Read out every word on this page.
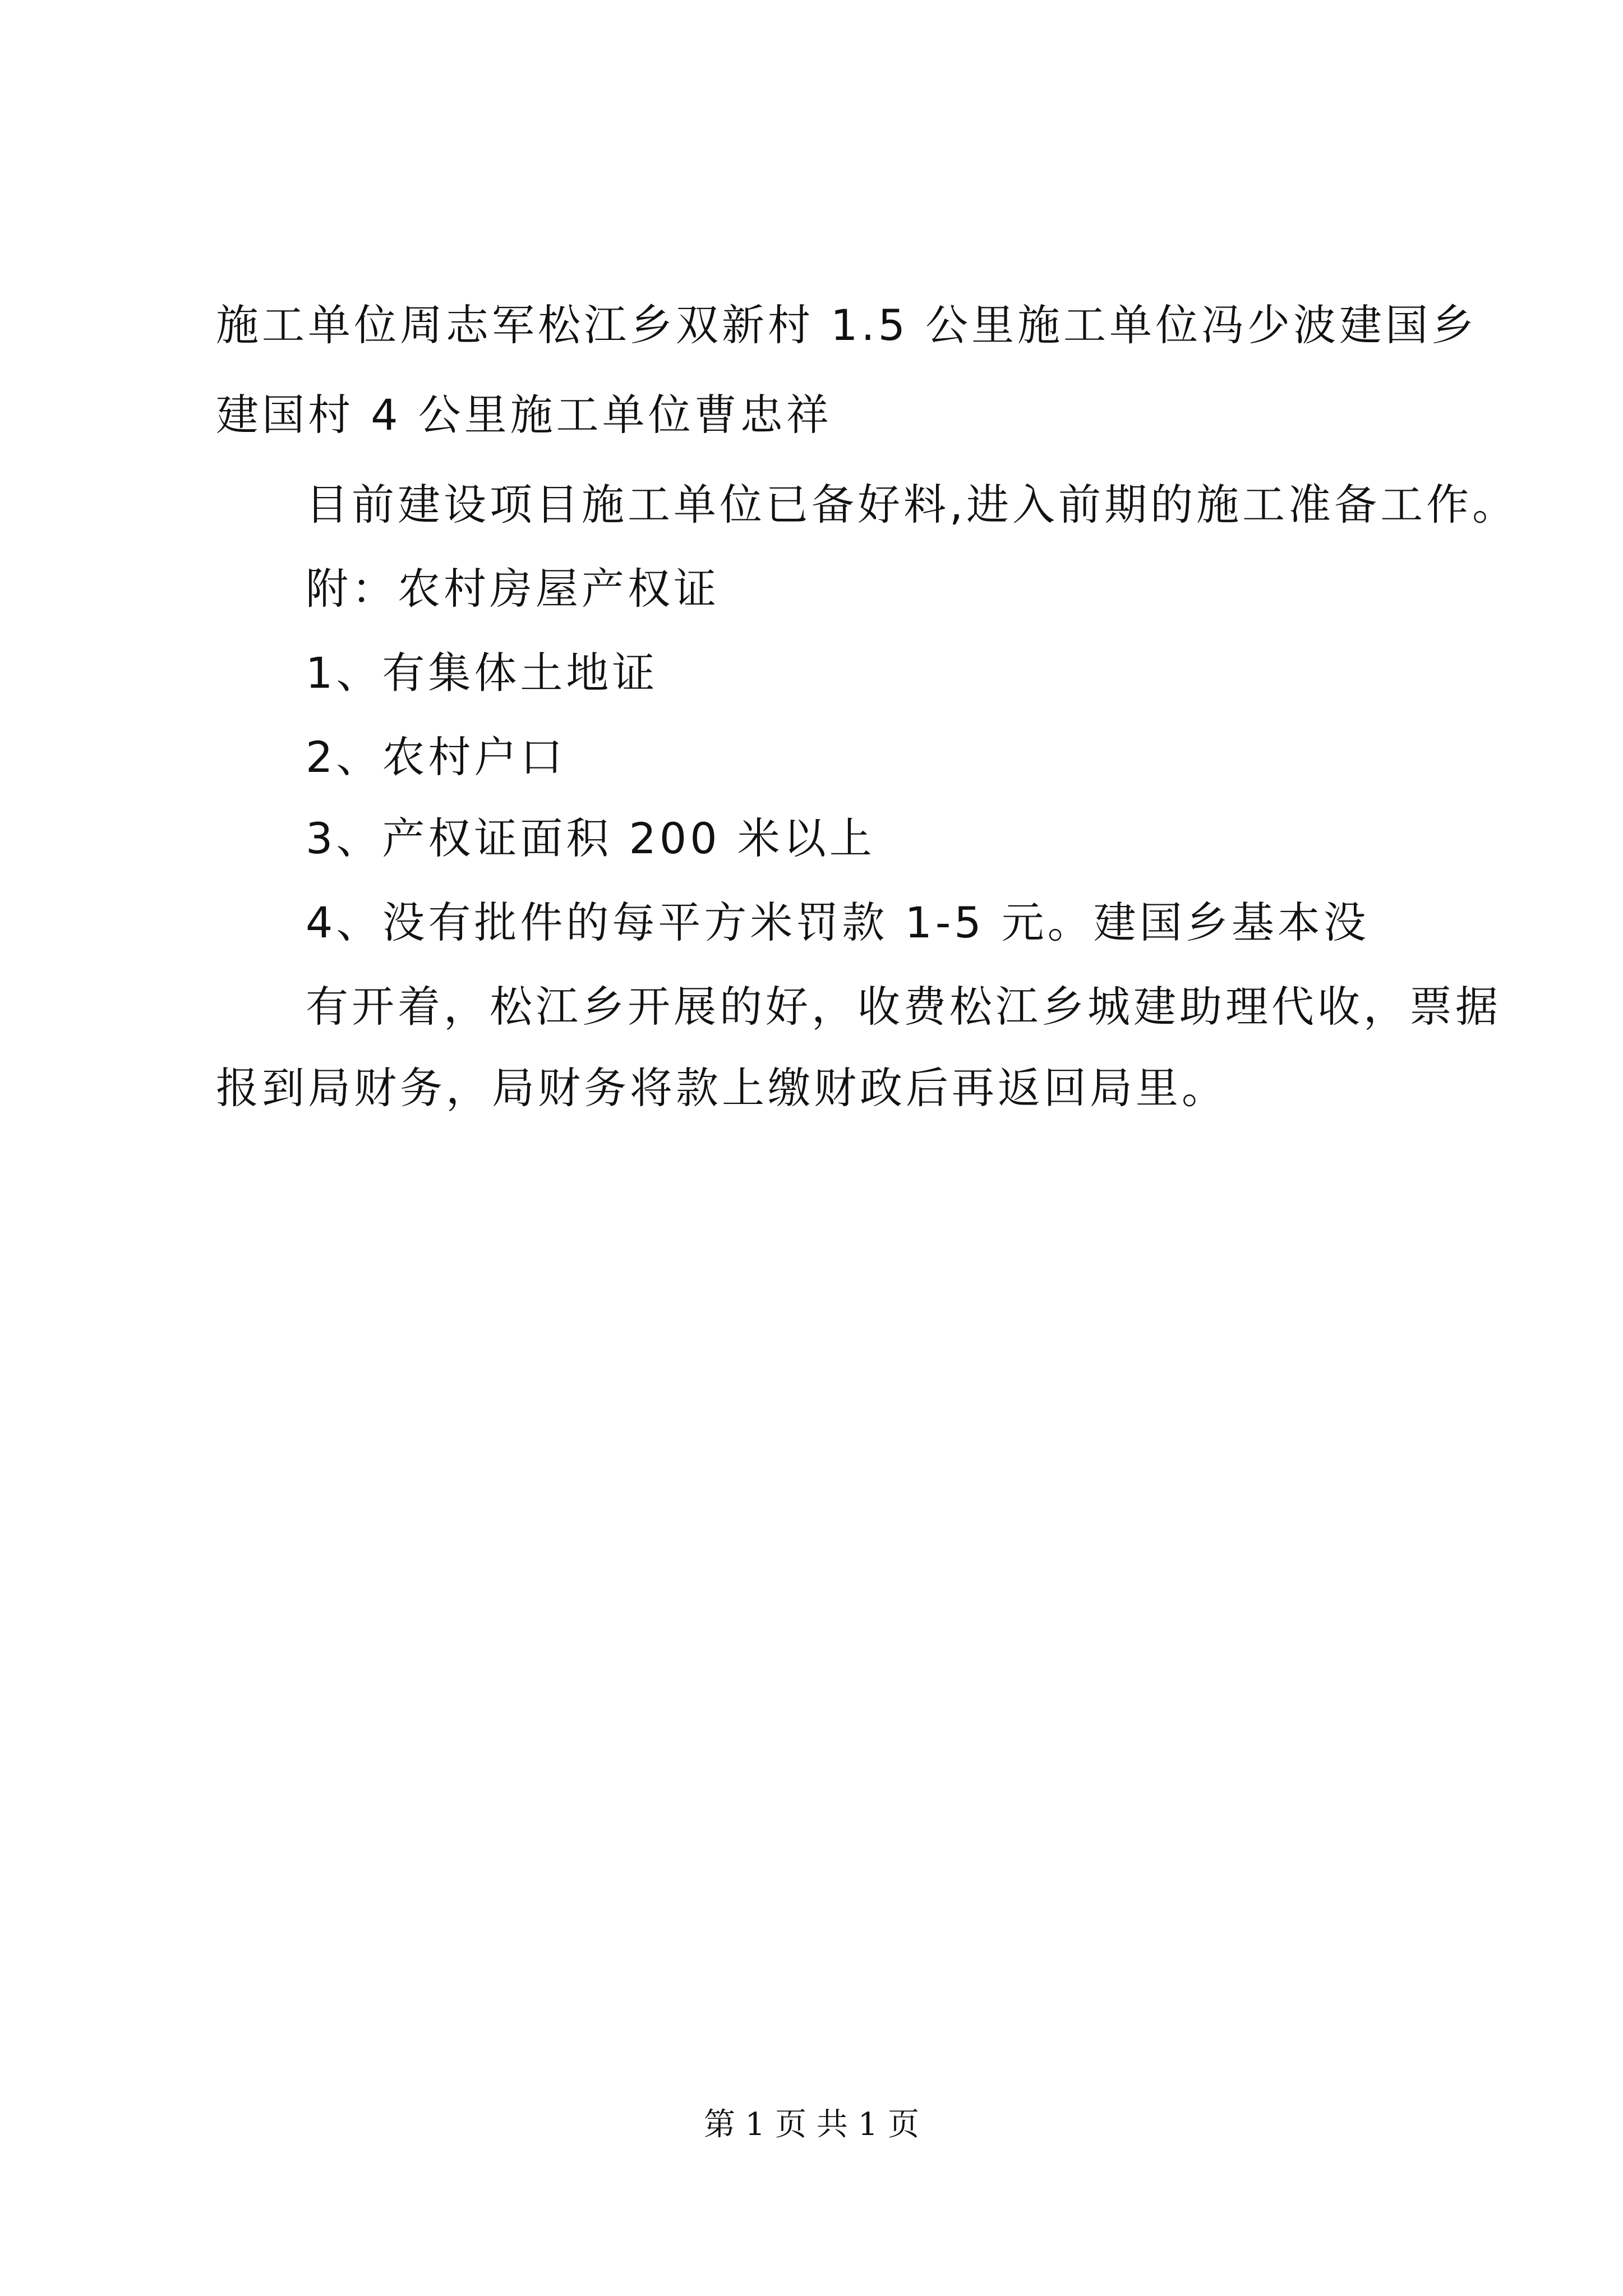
施工单位周志军松江乡双新村 1.5 公里施工单位冯少波建国乡
建国村 4 公里施工单位曹忠祥
目前建设项目施工单位已备好料,进入前期的施工准备工作。
附：农村房屋产权证
1、有集体土地证
2、农村户口
3、产权证面积 200 米以上
4、没有批件的每平方米罚款 1-5 元。建国乡基本没
有开着，松江乡开展的好，收费松江乡城建助理代收，票据
报到局财务，局财务将款上缴财政后再返回局里。
第 1 页 共 1 页
